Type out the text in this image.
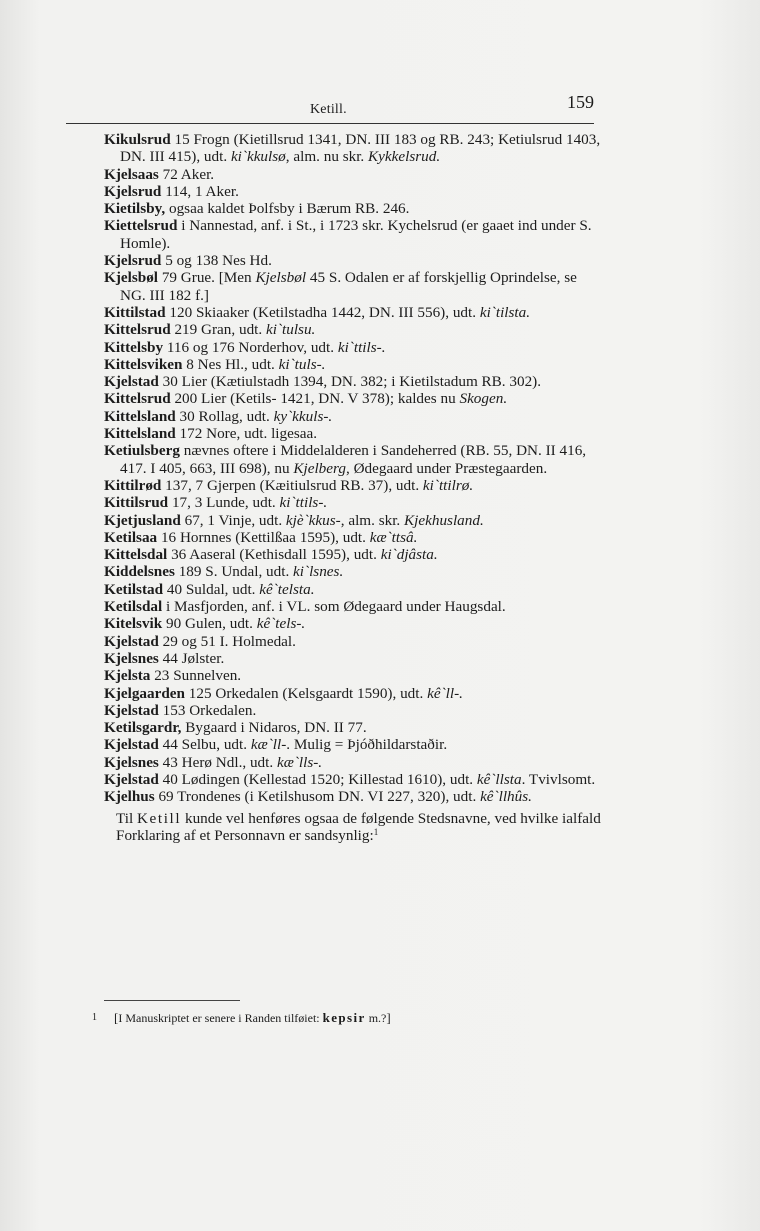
Ketill.	159

Kikulsrud 15 Frogn (Kietillsrud 1341, DN. III 183 og RB. 243; Ketiulsrud 1403, DN. III 415), udt. ki`kkulsø, alm. nu skr. Kykkelsrud.

Kjelsaas 72 Aker.

Kjelsrud 114, 1 Aker.

Kietilsby, ogsaa kaldet Þolfsby i Bærum RB. 246.

Kiettelsrud i Nannestad, anf. i St., i 1723 skr. Kychelsrud (er gaaet ind under S. Homle).

Kjelsrud 5 og 138 Nes Hd.

Kjelsbøl 79 Grue. [Men Kjelsbøl 45 S. Odalen er af forskjellig Oprindelse, se NG. III 182 f.]

Kittilstad 120 Skiaaker (Ketilstadha 1442, DN. III 556), udt. ki`tilsta.

Kittelsrud 219 Gran, udt. ki`tulsu.

Kittelsby 116 og 176 Norderhov, udt. ki`ttils-.

Kittelsviken 8 Nes Hl., udt. ki`tuls-.

Kjelstad 30 Lier (Kætiulstadh 1394, DN. 382; i Kietilstadum RB. 302).

Kittelsrud 200 Lier (Ketils- 1421, DN. V 378); kaldes nu Skogen.

Kittelsland 30 Rollag, udt. ky`kkuls-.

Kittelsland 172 Nore, udt. ligesaa.

Ketiulsberg nævnes oftere i Middelalderen i Sandeherred (RB. 55, DN. II 416, 417. I 405, 663, III 698), nu Kjelberg, Ødegaard under Præstegaarden.

Kittilrød 137, 7 Gjerpen (Kæitiulsrud RB. 37), udt. ki`ttilrø.

Kittilsrud 17, 3 Lunde, udt. ki`ttils-.

Kjetjusland 67, 1 Vinje, udt. kjè`kkus-, alm. skr. Kjekhusland.

Ketilsaa 16 Hornnes (Kettilßaa 1595), udt. kæ`ttsâ.

Kittelsdal 36 Aaseral (Kethisdall 1595), udt. ki`djâsta.

Kiddelsnes 189 S. Undal, udt. ki`lsnes.

Ketilstad 40 Suldal, udt. kê`telsta.

Ketilsdal i Masfjorden, anf. i VL. som Ødegaard under Haugsdal.

Kitelsvik 90 Gulen, udt. kê`tels-.

Kjelstad 29 og 51 I. Holmedal.

Kjelsnes 44 Jølster.

Kjelsta 23 Sunnelven.

Kjelgaarden 125 Orkedalen (Kelsgaardt 1590), udt. kê`ll-.

Kjelstad 153 Orkedalen.

Ketilsgardr, Bygaard i Nidaros, DN. II 77.

Kjelstad 44 Selbu, udt. kæ`ll-. Mulig = Þjóðhildarstaðir.

Kjelsnes 43 Herø Ndl., udt. kæ`lls-.

Kjelstad 40 Lødingen (Kellestad 1520; Killestad 1610), udt. kê`llsta. Tvivlsomt.

Kjelhus 69 Trondenes (i Ketilshusom DN. VI 227, 320), udt. kê`llhûs.

Til Ketill kunde vel henføres ogsaa de følgende Stedsnavne, ved hvilke ialfald Forklaring af et Personnavn er sandsynlig:$^1$

1 [I Manuskriptet er senere i Randen tilføiet: kepsir m.?]
